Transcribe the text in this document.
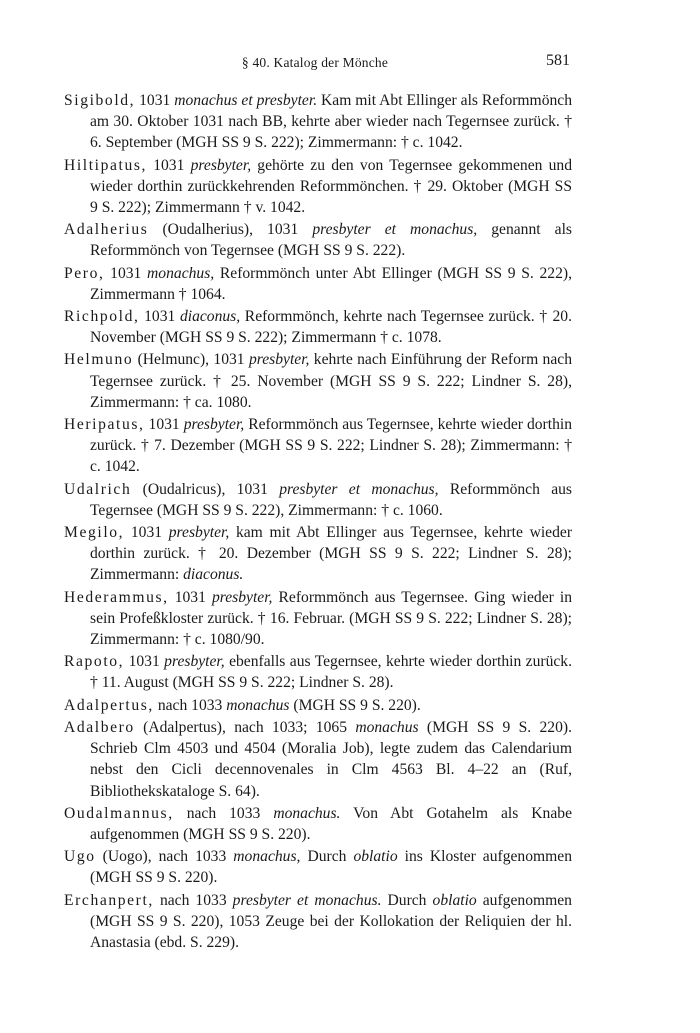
§ 40. Katalog der Mönche	581

Sigibold, 1031 monachus et presbyter. Kam mit Abt Ellinger als Reformmönch am 30. Oktober 1031 nach BB, kehrte aber wieder nach Tegernsee zurück. † 6. September (MGH SS 9 S. 222); Zimmermann: † c. 1042.

Hiltipatus, 1031 presbyter, gehörte zu den von Tegernsee gekommenen und wieder dorthin zurückkehrenden Reformmönchen. † 29. Oktober (MGH SS 9 S. 222); Zimmermann † v. 1042.

Adalherius (Oudalherius), 1031 presbyter et monachus, genannt als Reformmönch von Tegernsee (MGH SS 9 S. 222).

Pero, 1031 monachus, Reformmönch unter Abt Ellinger (MGH SS 9 S. 222), Zimmermann † 1064.

Richpold, 1031 diaconus, Reformmönch, kehrte nach Tegernsee zurück. † 20. November (MGH SS 9 S. 222); Zimmermann † c. 1078.

Helmuno (Helmunc), 1031 presbyter, kehrte nach Einführung der Reform nach Tegernsee zurück. † 25. November (MGH SS 9 S. 222; Lindner S. 28), Zimmermann: † ca. 1080.

Heripatus, 1031 presbyter, Reformmönch aus Tegernsee, kehrte wieder dorthin zurück. † 7. Dezember (MGH SS 9 S. 222; Lindner S. 28); Zimmermann: † c. 1042.

Udalrich (Oudalricus), 1031 presbyter et monachus, Reformmönch aus Tegernsee (MGH SS 9 S. 222), Zimmermann: † c. 1060.

Megilo, 1031 presbyter, kam mit Abt Ellinger aus Tegernsee, kehrte wieder dorthin zurück. † 20. Dezember (MGH SS 9 S. 222; Lindner S. 28); Zimmermann: diaconus.

Hederammus, 1031 presbyter, Reformmönch aus Tegernsee. Ging wieder in sein Profeßkloster zurück. † 16. Februar. (MGH SS 9 S. 222; Lindner S. 28); Zimmermann: † c. 1080/90.

Rapoto, 1031 presbyter, ebenfalls aus Tegernsee, kehrte wieder dorthin zurück. † 11. August (MGH SS 9 S. 222; Lindner S. 28).

Adalpertus, nach 1033 monachus (MGH SS 9 S. 220).

Adalbero (Adalpertus), nach 1033; 1065 monachus (MGH SS 9 S. 220). Schrieb Clm 4503 und 4504 (Moralia Job), legte zudem das Calendarium nebst den Cicli decennovenales in Clm 4563 Bl. 4–22 an (Ruf, Bibliothekskataloge S. 64).

Oudalmannus, nach 1033 monachus. Von Abt Gotahelm als Knabe aufgenommen (MGH SS 9 S. 220).

Ugo (Uogo), nach 1033 monachus, Durch oblatio ins Kloster aufgenommen (MGH SS 9 S. 220).

Erchanpert, nach 1033 presbyter et monachus. Durch oblatio aufgenommen (MGH SS 9 S. 220), 1053 Zeuge bei der Kollokation der Reliquien der hl. Anastasia (ebd. S. 229).
